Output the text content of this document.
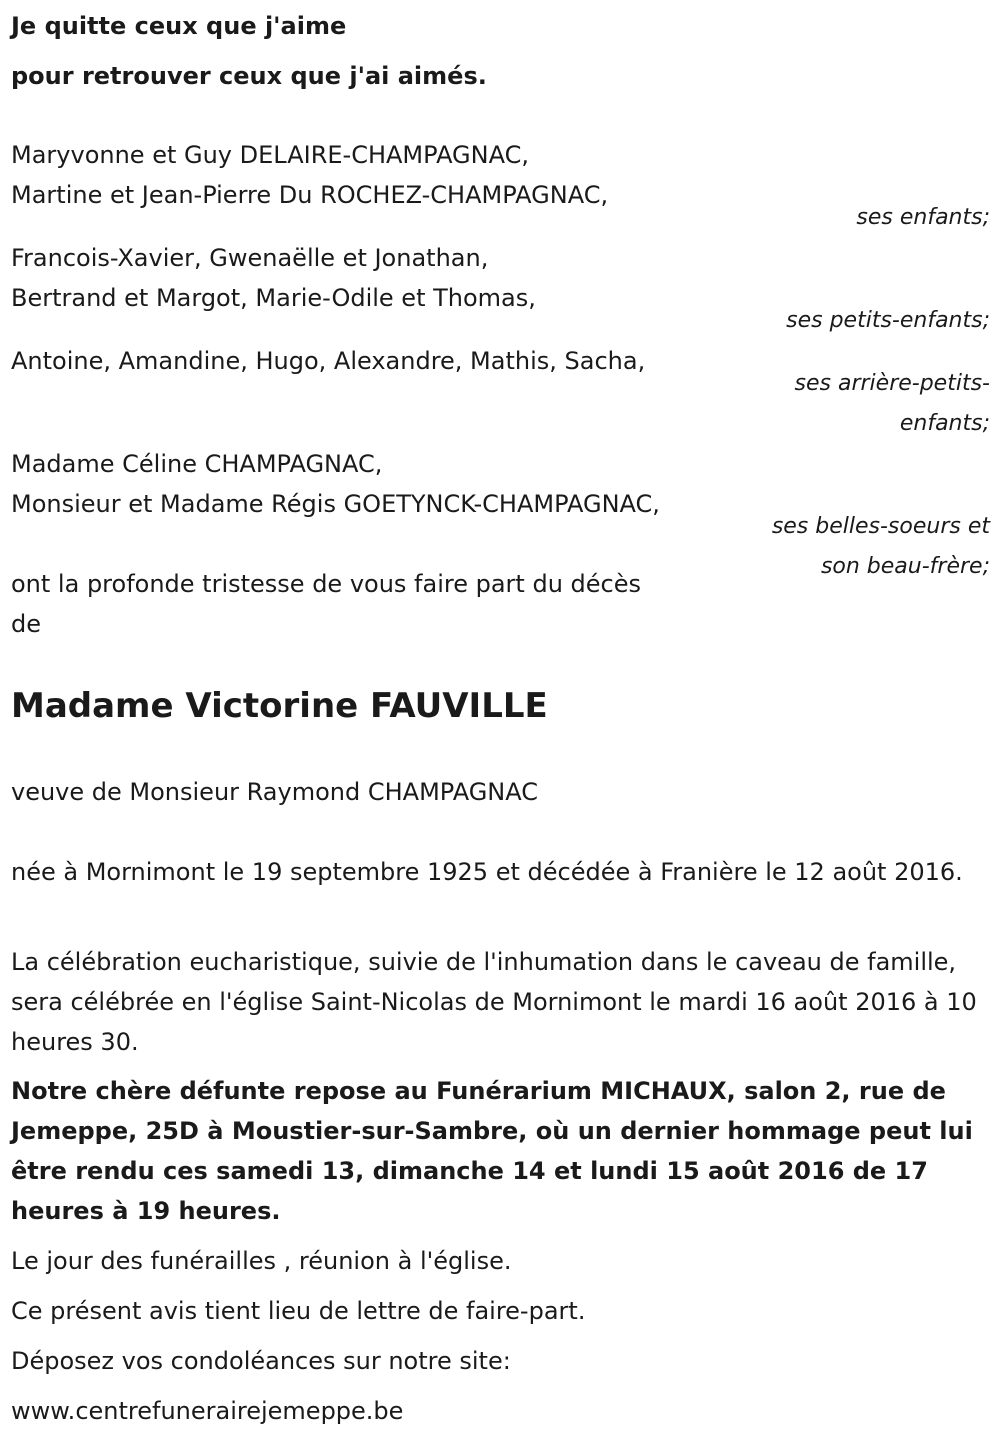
Je quitte ceux que j'aime
pour retrouver ceux que j'ai aimés.
Maryvonne et Guy DELAIRE-CHAMPAGNAC,
Martine et Jean-Pierre Du ROCHEZ-CHAMPAGNAC,
ses enfants;
Francois-Xavier, Gwenaëlle et Jonathan,
Bertrand et Margot, Marie-Odile et Thomas,
ses petits-enfants;
Antoine, Amandine, Hugo, Alexandre, Mathis, Sacha,
ses arrière-petits-
enfants;
Madame Céline CHAMPAGNAC,
Monsieur et Madame Régis GOETYNCK-CHAMPAGNAC,
ses belles-soeurs et
son beau-frère;
ont la profonde tristesse de vous faire part du décès
de
Madame Victorine FAUVILLE
veuve de Monsieur Raymond CHAMPAGNAC
née à Mornimont le 19 septembre 1925 et décédée à Franière le 12 août 2016.
La célébration eucharistique, suivie de l'inhumation dans le caveau de famille, sera célébrée en l'église Saint-Nicolas de Mornimont le mardi 16 août 2016 à 10 heures 30.
Notre chère défunte repose au Funérarium MICHAUX, salon 2, rue de Jemeppe, 25D à Moustier-sur-Sambre, où un dernier hommage peut lui être rendu ces samedi 13, dimanche 14 et lundi 15 août 2016 de 17 heures à 19 heures.
Le jour des funérailles , réunion à l'église.
Ce présent avis tient lieu de lettre de faire-part.
Déposez vos condoléances sur notre site:
www.centrefunerairejemeppe.be
